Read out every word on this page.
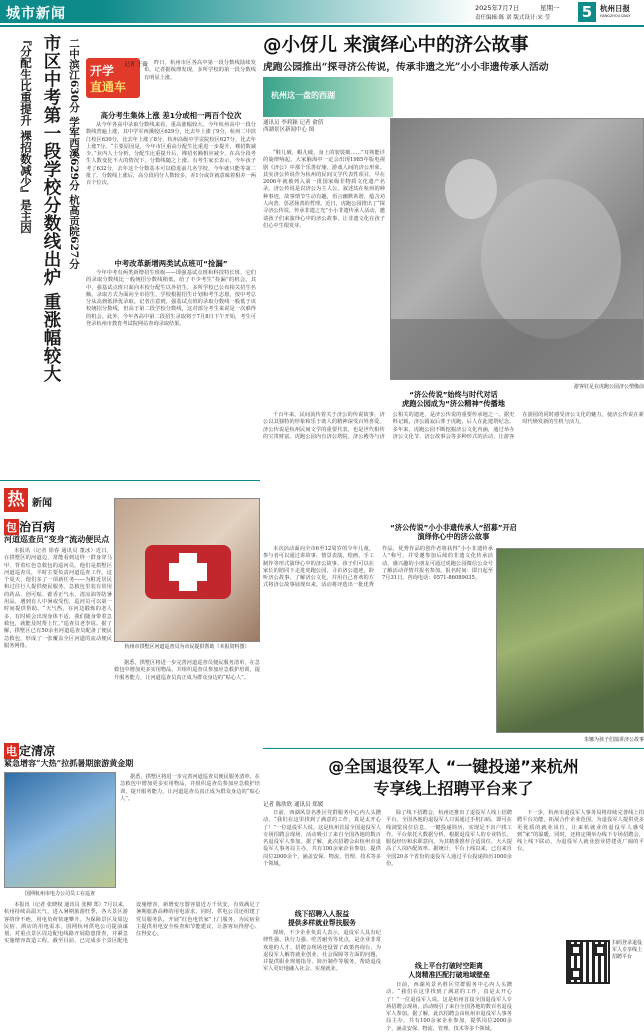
城市新闻	2025年7月7日	星期一
责任编辑:陈 诺 版式设计:宋 莹 5	杭州日报
HANGZHOU DAILY
『分配生比重提升 裸招数减少』是主因 市区中考第一段学校分数线出炉 重涨幅较大 二中滨江630分 学军西溪629分 杭高贡院627分 开学
直通车
记者 王薇	昨日，杭州市区各高中第一段分数线陆续发布。记者据梳理发现，多所学校的第一段分数线有明显上涨。

高分考生集体上涨 差1分或相一两百个位次

从今年各高中录取分数线来看，重高涨幅较大。今年杭州高中一段分数线普遍上涨，其中学军西溪校区629分，比去年上涨了9分，杭州二中滨江校区630分，比去年上涨了8分，杭州高级中学贡院校区627分，比去年上涨7分。“主要原因是，今年市区重高分配生比重进一步提升，裸招数减少。”业内人士分析，分配生比重提升后，裸招名额相应减少，在高分段考生人数变化不大的情况下，分数线随之上涨。有考生家长表示，今年孩子考了632分，去年这个分数基本可以稳进前几名学校，今年就只能等第二批了。分数线上涨后，高分段同分人数较多，差1分或许就意味着相差一两百个位次。

中考改革新增两类试点班可“捡漏”

今年中考有两类新增招生班级——即强基试点班和科技特长班，它们的录取分数线比一般统招分数线稍低，给了不少考生“捡漏”的机会。其中，强基试点班只面向本校分配生以外招生，多所学校已公布相关招生名额。录取方式为面向全市招生，学校根据招生计划和考生志愿，按中考总分从高到低择优录取。记者注意到，强基试点班的录取分数线一般低于该校统招分数线，但高于第二段学校分数线，这对部分考生来说是一次难得的机会。此外，今年各高中第二段招生录取将于7月8日下午开始，考生可登录杭州市教育考试院网站查询录取结果。

@小伢儿 来演绎心中的济公故事
虎跑公园推出“探寻济公传说，传承非遗之光”小小非遗传承人活动
杭州这一盘的西湖
通讯员 李莉颖 记者 俞倩
西湖景区新闻中心 图

“鞋儿破，帽儿破，身上的袈裟破……”耳熟能详的旋律响起，大家脑海中一定会出现1985年版电视剧《济公》中那个乐善好施、游戏人间的济公形象。其实济公传说作为杭州的民间文学代表性项目，早在2006年就被列入第一批国家级非物质文化遗产名录。济公传说是以济公为主人公，叙述其在杭州的种种事迹，故事情节生动有趣，语言幽默诙谐，蕴含劝人向善、惩恶扬善的哲理。近日，虎跑公园推出了“探寻济公传说，传承非遗之光”小小非遗传承人活动，邀请孩子们来演绎心中的济公故事，让非遗文化在孩子们心中生根发芽。

游客驻足在虎跑公园济公塑像前
“济公传说”始终与时代对话
虎跑公园成为“济公精神”传播地

千百年来，民间流传着关于济公的传说故事，济公以其独特的形象和乐于助人的精神深受百姓喜爱。济公传说是杭州民间文学的重要代表，也是世代相传的宝贵财富。虎跑公园内有济公塔院、济公殿等与济公相关的遗迹，是济公传说的重要传承地之一。据史料记载，济公圆寂后葬于虎跑，后人在此建塔纪念。多年来，虎跑公园不断挖掘济公文化内涵，通过举办济公文化节、济公故事会等多种形式的活动，让游客在游园的同时感受济公文化的魅力，使济公传说在新时代焕发新的生机与活力。

“济公传说”小小非遗传承人“招募”开启
演绎你心中的济公故事

本次活动面向全市6至12周岁的少年儿童，参与者可以通过讲故事、情景表演、绘画、手工制作等形式演绎心中的济公故事。孩子们可以在家长的陪同下走进虎跑公园，寻访济公遗迹，聆听济公故事，了解济公文化，并用自己喜欢的方式将济公故事展现出来。活动将评选出一批优秀作品，优秀作品的创作者将获得“小小非遗传承人”称号，并受邀参加后续的非遗文化传承活动。感兴趣的小朋友可通过虎跑公园微信公众号了解活动详情并报名参加。报名时间：即日起至7月31日。咨询电话：0571-86089035。

朱娜为孩子们演讲济公故事
热 新闻
包 治百病
河道巡查员“变身”流动便民点

本报讯（记者 徐春 通讯员 董冰）近日，在拱墅区的河道边，常能看到这样一群身穿马甲、背着红色急救包的巡河员。他们是拱墅区河道巡查员，平时主要负责河道巡查工作。这个夏天，他们多了一项新任务——为附近居民和过往行人提供便民服务。急救包里装有常用的药品、创可贴、藿香正气水、清凉油等防暑用品，遇到有人中暑或受伤，巡河员可以第一时间提供帮助。“天气热，在河边锻炼的老人多，有时候会出现身体不适，我们随身带着急救包，就能及时帮上忙。”巡查员老李说。据了解，拱墅区已有50余名河道巡查员配备了便民急救包，形成了一张覆盖全区河道的流动便民服务网络。	杭州市拱墅区河道巡查员为市民提供帮助（本报资料图）

据悉，拱墅区将进一步完善河道巡查员便民服务清单，在急救包中增加更多实用物品，并组织巡查员参加应急救护培训，提升服务能力，让河道巡查员真正成为群众身边的“贴心人”。

电 定清凉
紧急增容“大热”拉抓暑期旅游黄金期
国网杭州市电力公司员工在巡查

本报讯（记者 张晓权 通讯员 张柳 郑）7月以来，杭州持续高温天气，进入暑期旅游旺季，各大景区游客络绎不绝，用电负荷快速攀升。为保障景区及周边民宿、酒店的用电需求，国网杭州供电公司提前谋划，对重点景区周边配电线路开展隐患排查，并紧急实施增容改造工程。截至目前，已完成多个景区配电设施增容，新增变压器容量近万千伏安，有效满足了暑期旅游高峰的用电需求。同时，供电公司还组建了党员服务队，开展“红色电管家”上门服务，为民宿业主提供用电安全检查和节能建议，让游客玩得舒心、住得安心。

据悉，拱墅区将进一步完善河道巡查员便民服务清单，在急救包中增加更多实用物品，并组织巡查员参加应急救护培训，提升服务能力，让河道巡查员真正成为群众身边的“贴心人”。

@全国退役军人 “一键投递”来杭州
专享线上招聘平台来了
记者 陈欣欣 通讯员 郑媛

日前，西湖风景名胜区党群服务中心内人头攒动。“我们在这里找到了满意的工作，真是太开心了！”一位退役军人说。这是杭州首届全国退役军人专场招聘会现场，活动吸引了来自全国各地的数百名退役军人参加。据了解，此次招聘会由杭州市退役军人事务局主办，共有100余家企业参加，提供岗位2000余个，涵盖安保、物流、管理、技术等多个领域。

线下招聘入人报益
提供多样就业帮扶服务

现场，不少企业负责人表示，退役军人具有纪律性强、执行力强、吃苦耐劳等优点，是企业非常欢迎的人才。招聘会现场还设置了政策咨询台，为退役军人解答就业创业、社会保障等方面的问题，并提供职业规划指导、简历制作等服务，帮助退役军人更好地融入社会、实现就业。

除了线下招聘会，杭州还推出了退役军人线上招聘平台。全国各地的退役军人只需通过手机扫码，即可在线浏览岗位信息、一键投递简历，实现足不出户找工作。平台依托大数据分析，根据退役军人的专业特长、服役经历和求职意向，为其精准推荐合适岗位，大大提高了人岗匹配效率。据统计，平台上线以来，已有来自全国20多个省份的退役军人通过平台投递简历1000余份。

线上平台打破时空距离
人岗精准匹配打破地域壁垒

日前，西湖风景名胜区党群服务中心内人头攒动。“我们在这里找到了满意的工作，真是太开心了！”一位退役军人说。这是杭州首届全国退役军人专场招聘会现场，活动吸引了来自全国各地的数百名退役军人参加。据了解，此次招聘会由杭州市退役军人事务局主办，共有100余家企业参加，提供岗位2000余个，涵盖安保、物流、管理、技术等多个领域。

下一步，杭州市退役军人事务局将持续完善线上招聘平台功能，拓展合作企业范围，为退役军人提供更多更优质的就业岗位，让来杭就业的退役军人感受到“家”的温暖。同时，还将定期举办线下专场招聘会，线上线下联动，为退役军人就业创业搭建更广阔的平台。

扫码登录退役军人专享线上招聘平台
